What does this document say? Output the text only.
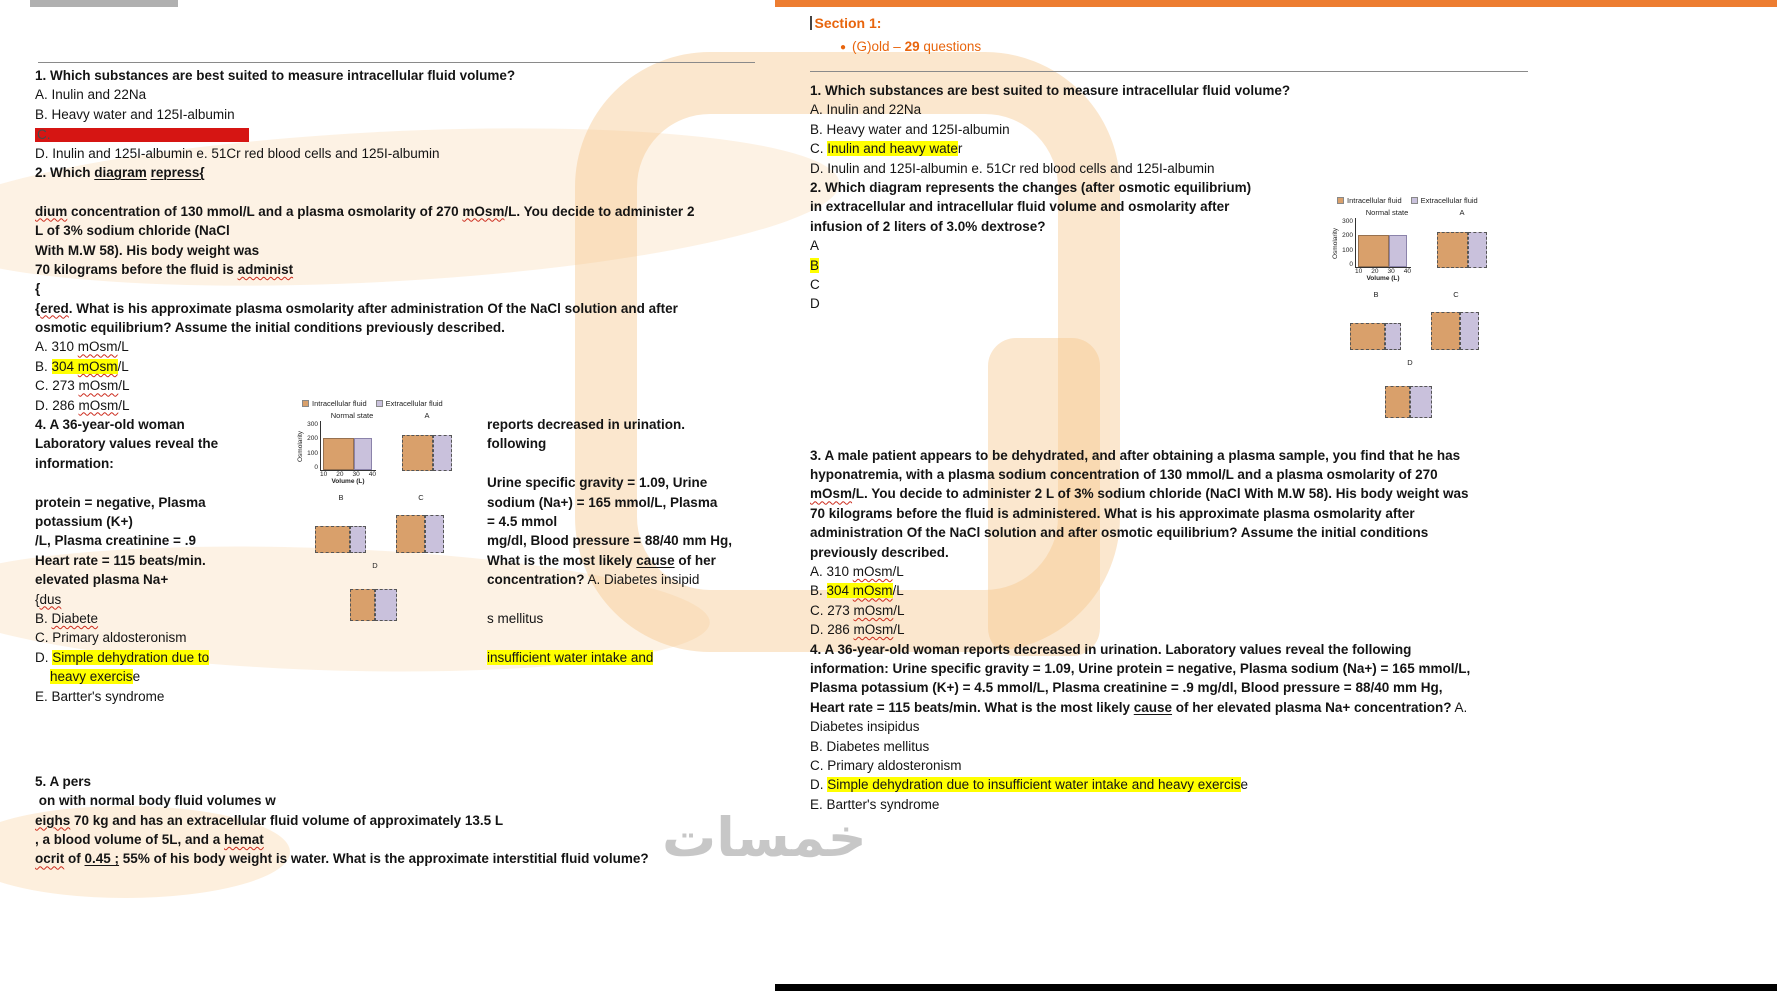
خمسات
1. Which substances are best suited to measure intracellular fluid volume?
A. Inulin and 22Na
B. Heavy water and 125I-albumin
C.
D. Inulin and 125I-albumin e. 51Cr red blood cells and 125I-albumin
2. Which diagram repress{
dium concentration of 130 mmol/L and a plasma osmolarity of 270 mOsm/L. You decide to administer 2
L of 3% sodium chloride (NaCl
With M.W 58). His body weight was
70 kilograms before the fluid is administ
{
{ered. What is his approximate plasma osmolarity after administration Of the NaCl solution and after
osmotic equilibrium? Assume the initial conditions previously described.
A. 310 mOsm/L
B. 304 mOsm/L
C. 273 mOsm/L
D. 286 mOsm/L
4. A 36-year-old woman
Laboratory values reveal the
information:
protein = negative, Plasma
potassium (K+)
/L, Plasma creatinine = .9
Heart rate = 115 beats/min.
elevated plasma Na+
{dus
B. Diabete
C. Primary aldosteronism
D. Simple dehydration due to
heavy exercise
E. Bartter's syndrome
Intracellular fluid	Extracellular fluid
Normal state
Osmolarity
300
200
100
0
10 20 30 40
Volume (L)
A
B	C
D
reports decreased in urination.
following
Urine specific gravity = 1.09, Urine
sodium (Na+) = 165 mmol/L, Plasma
= 4.5 mmol
mg/dl, Blood pressure = 88/40 mm Hg,
What is the most likely cause of her
concentration? A. Diabetes insipid
s mellitus
insufficient water intake and
5. A pers
on with normal body fluid volumes w
eighs 70 kg and has an extracellular fluid volume of approximately 13.5 L
, a blood volume of 5L, and a hemat
ocrit of 0.45 ; 55% of his body weight is water. What is the approximate interstitial fluid volume?
Section 1:
● (G)old – 29 questions
1. Which substances are best suited to measure intracellular fluid volume?
A. Inulin and 22Na
B. Heavy water and 125I-albumin
C. Inulin and heavy water
D. Inulin and 125I-albumin e. 51Cr red blood cells and 125I-albumin
2. Which diagram represents the changes (after osmotic equilibrium)
in extracellular and intracellular fluid volume and osmolarity after
infusion of 2 liters of 3.0% dextrose?
A
B
C
D
3. A male patient appears to be dehydrated, and after obtaining a plasma sample, you find that he has
hyponatremia, with a plasma sodium concentration of 130 mmol/L and a plasma osmolarity of 270
mOsm/L. You decide to administer 2 L of 3% sodium chloride (NaCl With M.W 58). His body weight was
70 kilograms before the fluid is administered. What is his approximate plasma osmolarity after
administration Of the NaCl solution and after osmotic equilibrium? Assume the initial conditions
previously described.
A. 310 mOsm/L
B. 304 mOsm/L
C. 273 mOsm/L
D. 286 mOsm/L
4. A 36-year-old woman reports decreased in urination. Laboratory values reveal the following
information: Urine specific gravity = 1.09, Urine protein = negative, Plasma sodium (Na+) = 165 mmol/L,
Plasma potassium (K+) = 4.5 mmol/L, Plasma creatinine = .9 mg/dl, Blood pressure = 88/40 mm Hg,
Heart rate = 115 beats/min. What is the most likely cause of her elevated plasma Na+ concentration? A.
Diabetes insipidus
B. Diabetes mellitus
C. Primary aldosteronism
D. Simple dehydration due to insufficient water intake and heavy exercise
E. Bartter's syndrome
Intracellular fluid	Extracellular fluid
Normal state
Osmolarity
300
200
100
0
10 20 30 40
Volume (L)
A
B	C
D
